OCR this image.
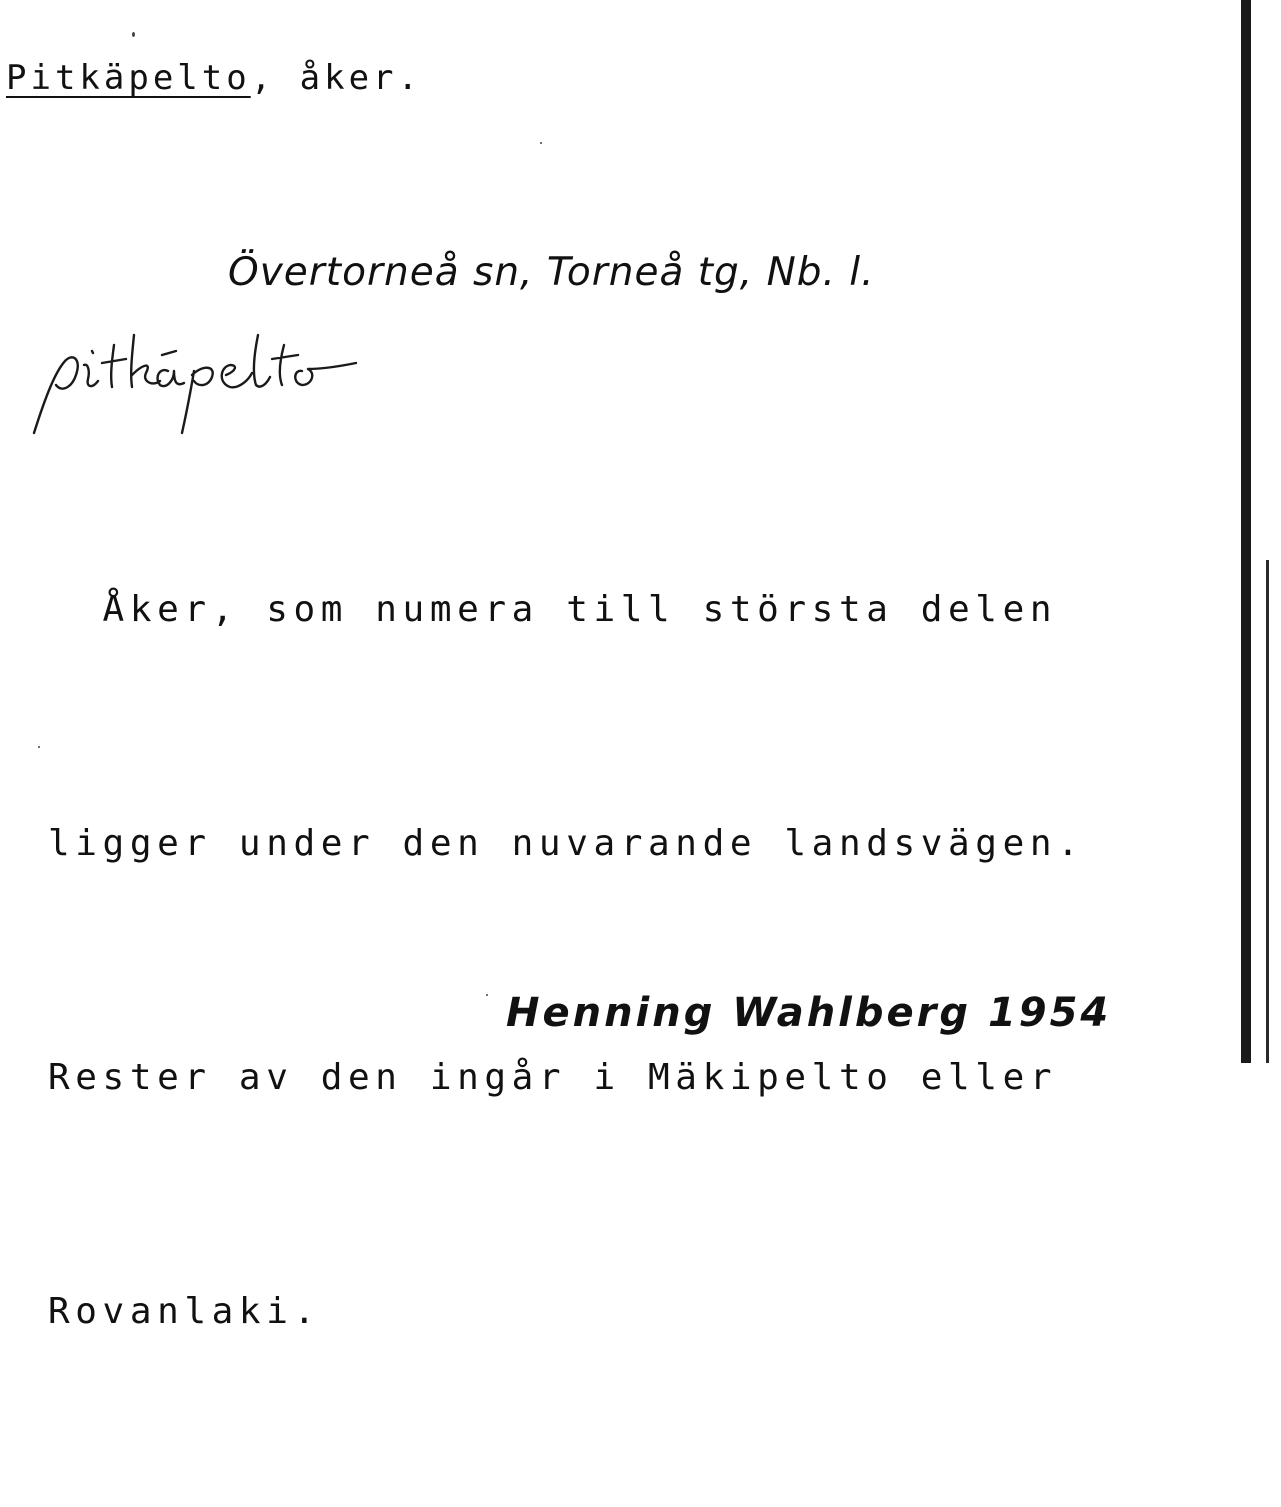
Pitkäpelto, åker.
Övertorneå sn, Torneå tg, Nb. l.

Åker, som numera till största delen

ligger under den nuvarande landsvägen.

Rester av den ingår i Mäkipelto eller

Rovanlaki.

Henning Wahlberg 1954
